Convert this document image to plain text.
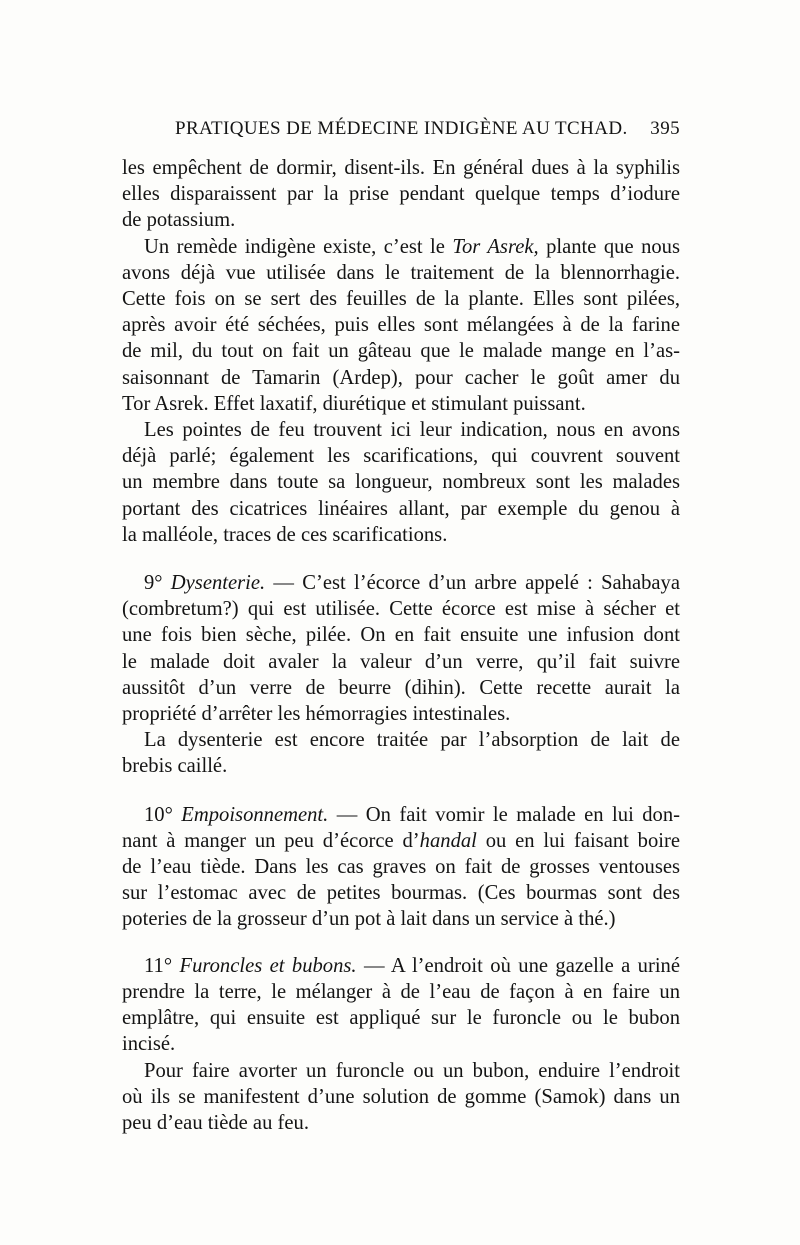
PRATIQUES DE MÉDECINE INDIGÈNE AU TCHAD. 395
les empêchent de dormir, disent-ils. En général dues à la syphilis
elles disparaissent par la prise pendant quelque temps d’iodure
de potassium.
Un remède indigène existe, c’est le Tor Asrek, plante que nous
avons déjà vue utilisée dans le traitement de la blennorrhagie.
Cette fois on se sert des feuilles de la plante. Elles sont pilées,
après avoir été séchées, puis elles sont mélangées à de la farine
de mil, du tout on fait un gâteau que le malade mange en l’as-
saisonnant de Tamarin (Ardep), pour cacher le goût amer du
Tor Asrek. Effet laxatif, diurétique et stimulant puissant.
Les pointes de feu trouvent ici leur indication, nous en avons
déjà parlé; également les scarifications, qui couvrent souvent
un membre dans toute sa longueur, nombreux sont les malades
portant des cicatrices linéaires allant, par exemple du genou à
la malléole, traces de ces scarifications.
9° Dysenterie. — C’est l’écorce d’un arbre appelé : Sahabaya
(combretum?) qui est utilisée. Cette écorce est mise à sécher et
une fois bien sèche, pilée. On en fait ensuite une infusion dont
le malade doit avaler la valeur d’un verre, qu’il fait suivre
aussitôt d’un verre de beurre (dihin). Cette recette aurait la
propriété d’arrêter les hémorragies intestinales.
La dysenterie est encore traitée par l’absorption de lait de
brebis caillé.
10° Empoisonnement. — On fait vomir le malade en lui don-
nant à manger un peu d’écorce d’handal ou en lui faisant boire
de l’eau tiède. Dans les cas graves on fait de grosses ventouses
sur l’estomac avec de petites bourmas. (Ces bourmas sont des
poteries de la grosseur d’un pot à lait dans un service à thé.)
11° Furoncles et bubons. — A l’endroit où une gazelle a uriné
prendre la terre, le mélanger à de l’eau de façon à en faire un
emplâtre, qui ensuite est appliqué sur le furoncle ou le bubon
incisé.
Pour faire avorter un furoncle ou un bubon, enduire l’endroit
où ils se manifestent d’une solution de gomme (Samok) dans un
peu d’eau tiède au feu.
